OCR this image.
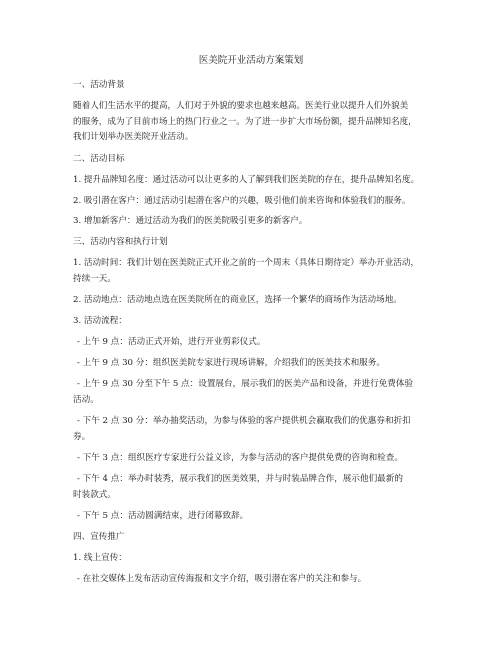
医美院开业活动方案策划
一、活动背景
随着人们生活水平的提高，人们对于外貌的要求也越来越高。医美行业以提升人们外貌美
的服务，成为了目前市场上的热门行业之一。为了进一步扩大市场份额，提升品牌知名度，
我们计划举办医美院开业活动。
二、活动目标
1. 提升品牌知名度：通过活动可以让更多的人了解到我们医美院的存在，提升品牌知名度。
2. 吸引潜在客户：通过活动引起潜在客户的兴趣，吸引他们前来咨询和体验我们的服务。
3. 增加新客户：通过活动为我们的医美院吸引更多的新客户。
三、活动内容和执行计划
1. 活动时间：我们计划在医美院正式开业之前的一个周末（具体日期待定）举办开业活动，
持续一天。
2. 活动地点：活动地点选在医美院所在的商业区，选择一个繁华的商场作为活动场地。
3. 活动流程：
- 上午 9 点：活动正式开始，进行开业剪彩仪式。
- 上午 9 点 30 分：组织医美院专家进行现场讲解，介绍我们的医美技术和服务。
- 上午 9 点 30 分至下午 5 点：设置展台，展示我们的医美产品和设备，并进行免费体验
活动。
- 下午 2 点 30 分：举办抽奖活动，为参与体验的客户提供机会赢取我们的优惠券和折扣
券。
- 下午 3 点：组织医疗专家进行公益义诊，为参与活动的客户提供免费的咨询和检查。
- 下午 4 点：举办时装秀，展示我们的医美效果，并与时装品牌合作，展示他们最新的
时装款式。
- 下午 5 点：活动圆满结束，进行闭幕致辞。
四、宣传推广
1. 线上宣传：
- 在社交媒体上发布活动宣传海报和文字介绍，吸引潜在客户的关注和参与。
